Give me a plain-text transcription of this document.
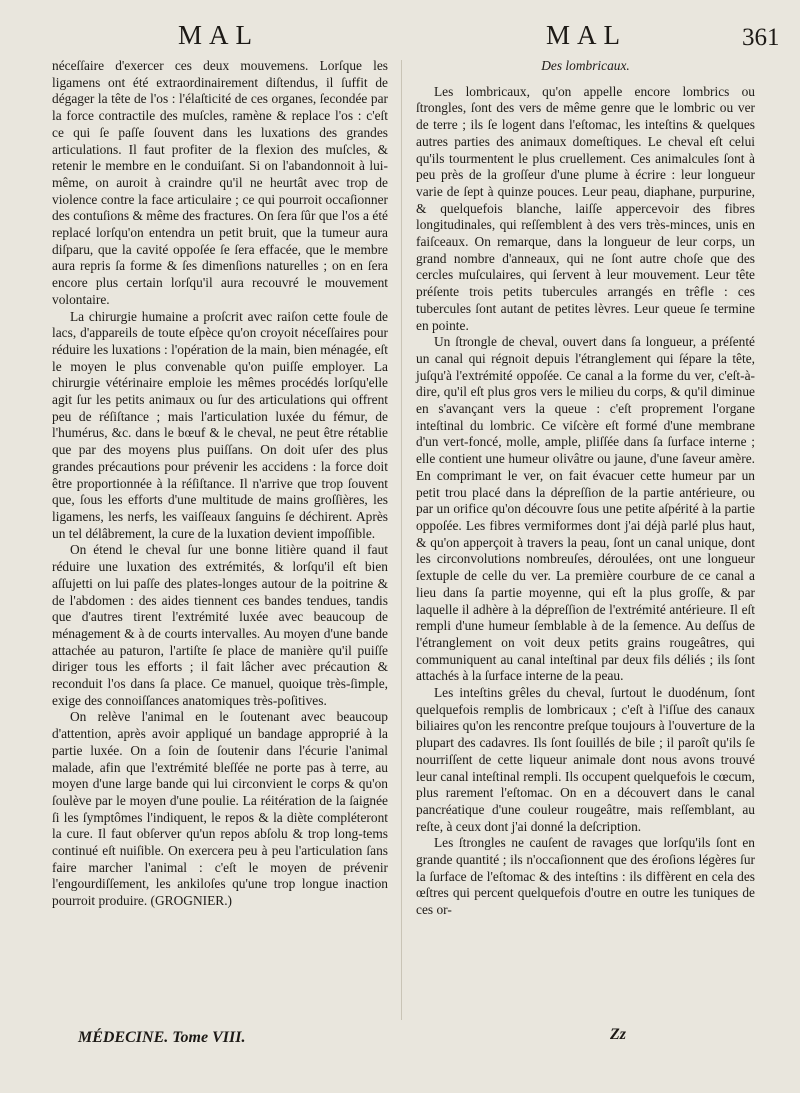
MAL	MAL	361

néceſſaire d'exercer ces deux mouvemens. Lorſque les ligamens ont été extraordinairement diſtendus, il ſuffit de dégager la tête de l'os : l'élaſticité de ces organes, ſecondée par la force contractile des muſcles, ramène & replace l'os : c'eſt ce qui ſe paſſe ſouvent dans les luxations des grandes articulations. Il faut profiter de la flexion des muſcles, & retenir le membre en le conduiſant. Si on l'abandonnoit à lui-même, on auroit à craindre qu'il ne heurtât avec trop de violence contre la face articulaire ; ce qui pourroit occaſionner des contuſions & même des fractures. On ſera ſûr que l'os a été replacé lorſqu'on entendra un petit bruit, que la tumeur aura diſparu, que la cavité oppoſée ſe ſera effacée, que le membre aura repris ſa forme & ſes dimenſions naturelles ; on en ſera encore plus certain lorſqu'il aura recouvré le mouvement volontaire.

La chirurgie humaine a proſcrit avec raiſon cette foule de lacs, d'appareils de toute eſpèce qu'on croyoit néceſſaires pour réduire les luxations : l'opération de la main, bien ménagée, eſt le moyen le plus convenable qu'on puiſſe employer. La chirurgie vétérinaire emploie les mêmes procédés lorſqu'elle agit ſur les petits animaux ou ſur des articulations qui offrent peu de réſiſtance ; mais l'articulation luxée du fémur, de l'humérus, &c. dans le bœuf & le cheval, ne peut être rétablie que par des moyens plus puiſſans. On doit uſer des plus grandes précautions pour prévenir les accidens : la force doit être proportionnée à la réſiſtance. Il n'arrive que trop ſouvent que, ſous les efforts d'une multitude de mains groſſières, les ligamens, les nerfs, les vaiſſeaux ſanguins ſe déchirent. Après un tel délâbrement, la cure de la luxation devient impoſſible.

On étend le cheval ſur une bonne litière quand il faut réduire une luxation des extrémités, & lorſqu'il eſt bien aſſujetti on lui paſſe des plates-longes autour de la poitrine & de l'abdomen : des aides tiennent ces bandes tendues, tandis que d'autres tirent l'extrémité luxée avec beaucoup de ménagement & à de courts intervalles. Au moyen d'une bande attachée au paturon, l'artiſte ſe place de manière qu'il puiſſe diriger tous les efforts ; il fait lâcher avec précaution & reconduit l'os dans ſa place. Ce manuel, quoique très-ſimple, exige des connoiſſances anatomiques très-poſitives.

On relève l'animal en le ſoutenant avec beaucoup d'attention, après avoir appliqué un bandage approprié à la partie luxée. On a ſoin de ſoutenir dans l'écurie l'animal malade, afin que l'extrémité bleſſée ne porte pas à terre, au moyen d'une large bande qui lui circonvient le corps & qu'on ſoulève par le moyen d'une poulie. La réitération de la ſaignée ſi les ſymptômes l'indiquent, le repos & la diète compléteront la cure. Il faut obſerver qu'un repos abſolu & trop long-tems continué eſt nuiſible. On exercera peu à peu l'articulation ſans faire marcher l'animal : c'eſt le moyen de prévenir l'engourdiſſement, les ankiloſes qu'une trop longue inaction pourroit produire. (GROGNIER.)

Des lombricaux.

Les lombricaux, qu'on appelle encore lombrics ou ſtrongles, ſont des vers de même genre que le lombric ou ver de terre ; ils ſe logent dans l'eſtomac, les inteſtins & quelques autres parties des animaux domeſtiques. Le cheval eſt celui qu'ils tourmentent le plus cruellement. Ces animalcules ſont à peu près de la groſſeur d'une plume à écrire : leur longueur varie de ſept à quinze pouces. Leur peau, diaphane, purpurine, & quelquefois blanche, laiſſe appercevoir des fibres longitudinales, qui reſſemblent à des vers très-minces, unis en faiſceaux. On remarque, dans la longueur de leur corps, un grand nombre d'anneaux, qui ne ſont autre choſe que des cercles muſculaires, qui ſervent à leur mouvement. Leur tête préſente trois petits tubercules arrangés en trêfle : ces tubercules ſont autant de petites lèvres. Leur queue ſe termine en pointe.

Un ſtrongle de cheval, ouvert dans ſa longueur, a préſenté un canal qui régnoit depuis l'étranglement qui ſépare la tête, juſqu'à l'extrémité oppoſée. Ce canal a la forme du ver, c'eſt-à-dire, qu'il eſt plus gros vers le milieu du corps, & qu'il diminue en s'avançant vers la queue : c'eſt proprement l'organe inteſtinal du lombric. Ce viſcère eſt formé d'une membrane d'un vert-foncé, molle, ample, pliſſée dans ſa ſurface interne ; elle contient une humeur olivâtre ou jaune, d'une ſaveur amère. En comprimant le ver, on fait évacuer cette humeur par un petit trou placé dans la dépreſſion de la partie antérieure, ou par un orifice qu'on découvre ſous une petite aſpérité à la partie oppoſée. Les fibres vermiformes dont j'ai déjà parlé plus haut, & qu'on apperçoit à travers la peau, ſont un canal unique, dont les circonvolutions nombreuſes, déroulées, ont une longueur ſextuple de celle du ver. La première courbure de ce canal a lieu dans ſa partie moyenne, qui eſt la plus groſſe, & par laquelle il adhère à la dépreſſion de l'extrémité antérieure. Il eſt rempli d'une humeur ſemblable à de la ſemence. Au deſſus de l'étranglement on voit deux petits grains rougeâtres, qui communiquent au canal inteſtinal par deux fils déliés ; ils ſont attachés à la ſurface interne de la peau.

Les inteſtins grêles du cheval, ſurtout le duodénum, ſont quelquefois remplis de lombricaux ; c'eſt à l'iſſue des canaux biliaires qu'on les rencontre preſque toujours à l'ouverture de la plupart des cadavres. Ils ſont ſouillés de bile ; il paroît qu'ils ſe nourriſſent de cette liqueur animale dont nous avons trouvé leur canal inteſtinal rempli. Ils occupent quelquefois le cœcum, plus rarement l'eſtomac. On en a découvert dans le canal pancréatique d'une couleur rougeâtre, mais reſſemblant, au reſte, à ceux dont j'ai donné la deſcription.

Les ſtrongles ne cauſent de ravages que lorſqu'ils ſont en grande quantité ; ils n'occaſionnent que des éroſions légères ſur la ſurface de l'eſtomac & des inteſtins : ils diffèrent en cela des œſtres qui percent quelquefois d'outre en outre les tuniques de ces or-

MÉDECINE. Tome VIII.	Zz
